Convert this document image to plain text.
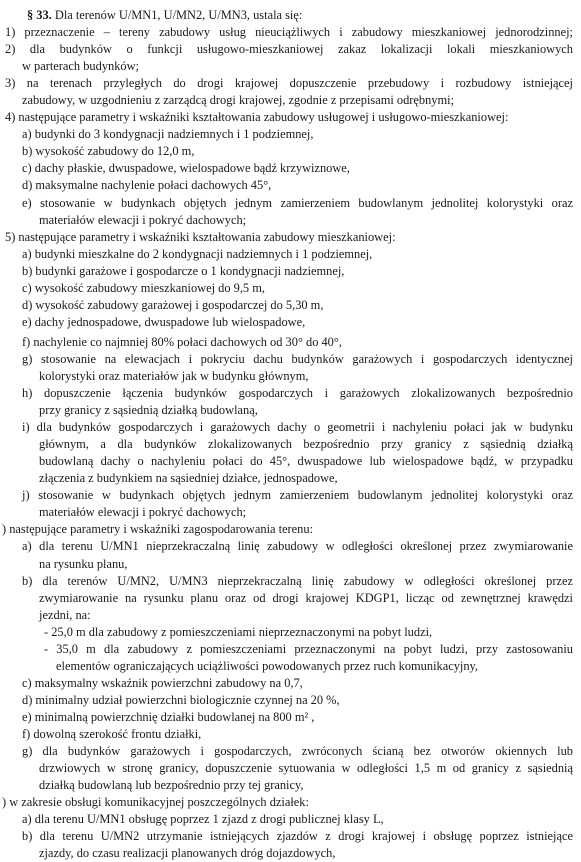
§ 33. Dla terenów U/MN1, U/MN2, U/MN3, ustala się:
1) przeznaczenie – tereny zabudowy usług nieuciążliwych i zabudowy mieszkaniowej jednorodzinnej;
2) dla budynków o funkcji usługowo-mieszkaniowej zakaz lokalizacji lokali mieszkaniowych
w parterach budynków;
3) na terenach przyległych do drogi krajowej dopuszczenie przebudowy i rozbudowy istniejącej
zabudowy, w uzgodnieniu z zarządcą drogi krajowej, zgodnie z przepisami odrębnymi;
4) następujące parametry i wskaźniki kształtowania zabudowy usługowej i usługowo-mieszkaniowej:
a) budynki do 3 kondygnacji nadziemnych i 1 podziemnej,
b) wysokość zabudowy do 12,0 m,
c) dachy płaskie, dwuspadowe, wielospadowe bądź krzywiznowe,
d) maksymalne nachylenie połaci dachowych 45°,
e) stosowanie w budynkach objętych jednym zamierzeniem budowlanym jednolitej kolorystyki oraz
materiałów elewacji i pokryć dachowych;
5) następujące parametry i wskaźniki kształtowania zabudowy mieszkaniowej:
a) budynki mieszkalne do 2 kondygnacji nadziemnych i 1 podziemnej,
b) budynki garażowe i gospodarcze o 1 kondygnacji nadziemnej,
c) wysokość zabudowy mieszkaniowej do 9,5 m,
d) wysokość zabudowy garażowej i gospodarczej do 5,30 m,
e) dachy jednospadowe, dwuspadowe lub wielospadowe,
f) nachylenie co najmniej 80% połaci dachowych od 30° do 40°,
g) stosowanie na elewacjach i pokryciu dachu budynków garażowych i gospodarczych identycznej
kolorystyki oraz materiałów jak w budynku głównym,
h) dopuszczenie łączenia budynków gospodarczych i garażowych zlokalizowanych bezpośrednio
przy granicy z sąsiednią działką budowlaną,
i) dla budynków gospodarczych i garażowych dachy o geometrii i nachyleniu połaci jak w budynku
głównym, a dla budynków zlokalizowanych bezpośrednio przy granicy z sąsiednią działką
budowlaną dachy o nachyleniu połaci do 45°, dwuspadowe lub wielospadowe bądź, w przypadku
złączenia z budynkiem na sąsiedniej działce, jednospadowe,
j) stosowanie w budynkach objętych jednym zamierzeniem budowlanym jednolitej kolorystyki oraz
materiałów elewacji i pokryć dachowych;
) następujące parametry i wskaźniki zagospodarowania terenu:
a) dla terenu U/MN1 nieprzekraczalną linię zabudowy w odległości określonej przez zwymiarowanie
na rysunku planu,
b) dla terenów U/MN2, U/MN3 nieprzekraczalną linię zabudowy w odległości określonej przez
zwymiarowanie na rysunku planu oraz od drogi krajowej KDGP1, licząc od zewnętrznej krawędzi
jezdni, na:
- 25,0 m dla zabudowy z pomieszczeniami nieprzeznaczonymi na pobyt ludzi,
- 35,0 m dla zabudowy z pomieszczeniami przeznaczonymi na pobyt ludzi, przy zastosowaniu
elementów ograniczających uciążliwości powodowanych przez ruch komunikacyjny,
c) maksymalny wskaźnik powierzchni zabudowy na 0,7,
d) minimalny udział powierzchni biologicznie czynnej na 20 %,
e) minimalną powierzchnię działki budowlanej na 800 m² ,
f) dowolną szerokość frontu działki,
g) dla budynków garażowych i gospodarczych, zwróconych ścianą bez otworów okiennych lub
drzwiowych w stronę granicy, dopuszczenie sytuowania w odległości 1,5 m od granicy z sąsiednią
działką budowlaną lub bezpośrednio przy tej granicy,
) w zakresie obsługi komunikacyjnej poszczególnych działek:
a) dla terenu U/MN1 obsługę poprzez 1 zjazd z drogi publicznej klasy L,
b) dla terenu U/MN2 utrzymanie istniejących zjazdów z drogi krajowej i obsługę poprzez istniejące
zjazdy, do czasu realizacji planowanych dróg dojazdowych,
